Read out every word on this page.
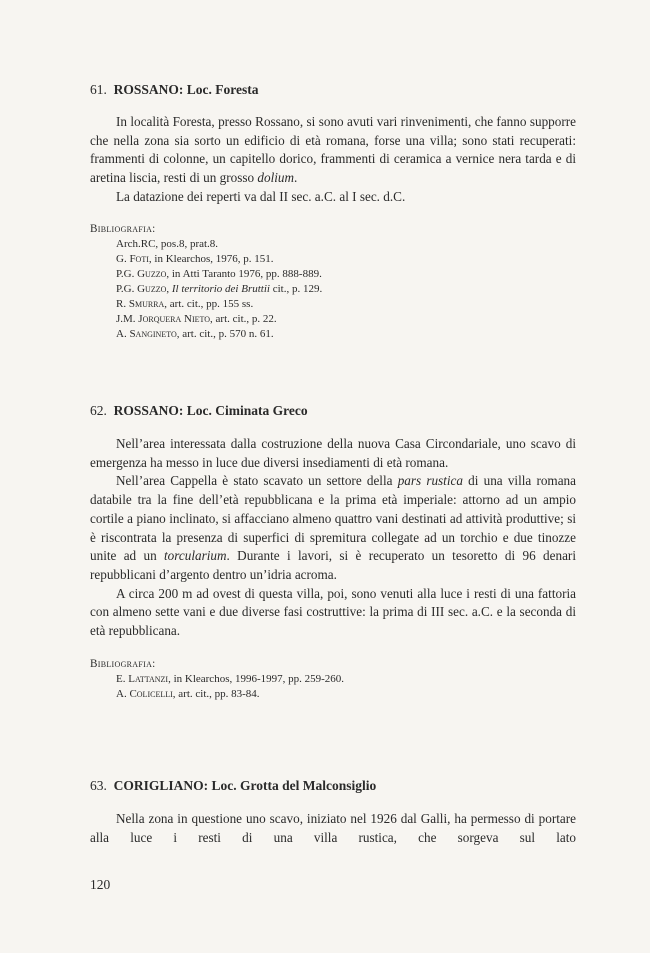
61. ROSSANO: Loc. Foresta

In località Foresta, presso Rossano, si sono avuti vari rinvenimenti, che fanno supporre che nella zona sia sorto un edificio di età romana, forse una villa; sono stati recuperati: frammenti di colonne, un capitello dorico, frammenti di ceramica a vernice nera tarda e di aretina liscia, resti di un grosso dolium.

La datazione dei reperti va dal II sec. a.C. al I sec. d.C.

Bibliografia:

Arch.RC, pos.8, prat.8.
G. Foti, in Klearchos, 1976, p. 151.
P.G. Guzzo, in Atti Taranto 1976, pp. 888-889.
P.G. Guzzo, Il territorio dei Bruttii cit., p. 129.
R. Smurra, art. cit., pp. 155 ss.
J.M. Jorquera Nieto, art. cit., p. 22.
A. Sangineto, art. cit., p. 570 n. 61.
62. ROSSANO: Loc. Ciminata Greco

Nell’area interessata dalla costruzione della nuova Casa Circondariale, uno scavo di emergenza ha messo in luce due diversi insediamenti di età romana.

Nell’area Cappella è stato scavato un settore della pars rustica di una villa romana databile tra la fine dell’età repubblicana e la prima età imperiale: attorno ad un ampio cortile a piano inclinato, si affacciano almeno quattro vani destinati ad attività produttive; si è riscontrata la presenza di superfici di spremitura collegate ad un torchio e due tinozze unite ad un torcularium. Durante i lavori, si è recuperato un tesoretto di 96 denari repubblicani d’argento dentro un’idria acroma.

A circa 200 m ad ovest di questa villa, poi, sono venuti alla luce i resti di una fattoria con almeno sette vani e due diverse fasi costruttive: la prima di III sec. a.C. e la seconda di età repubblicana.

Bibliografia:

E. Lattanzi, in Klearchos, 1996-1997, pp. 259-260.
A. Colicelli, art. cit., pp. 83-84.
63. CORIGLIANO: Loc. Grotta del Malconsiglio

Nella zona in questione uno scavo, iniziato nel 1926 dal Galli, ha permesso di portare alla luce i resti di una villa rustica, che sorgeva sul lato

120
